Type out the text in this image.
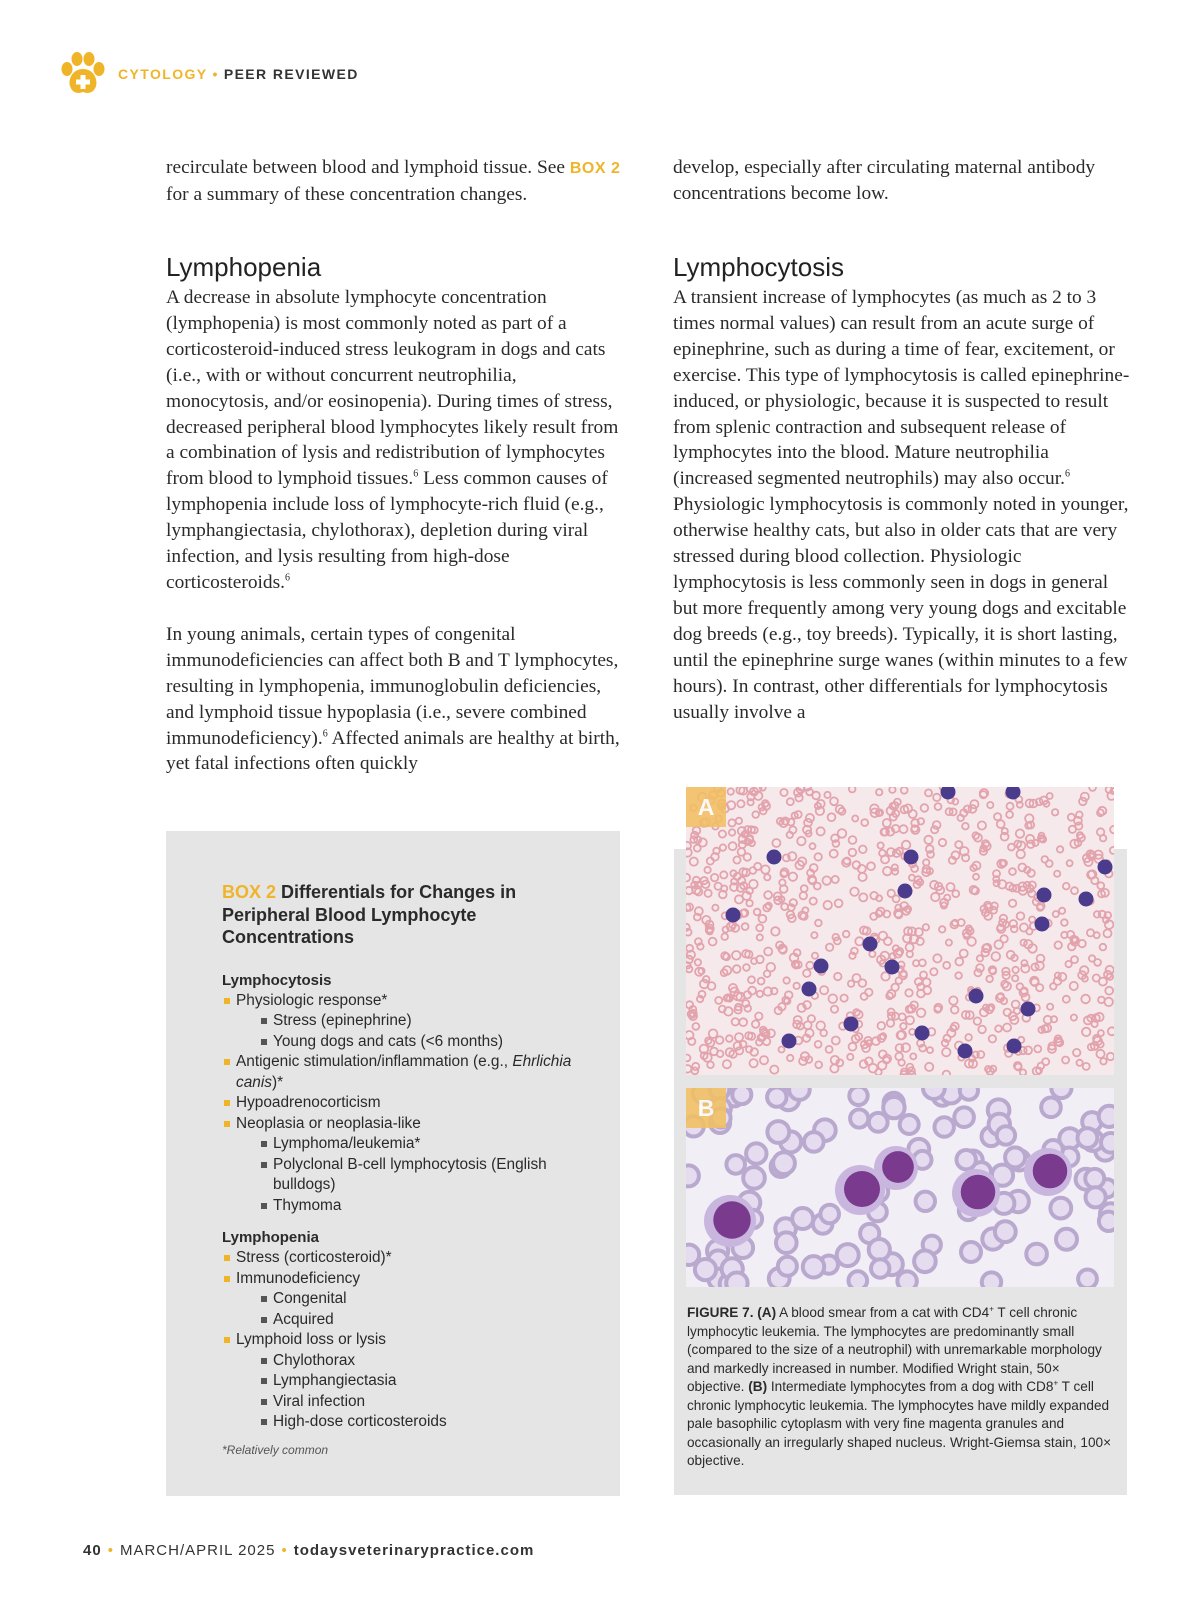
CYTOLOGY • PEER REVIEWED

recirculate between blood and lymphoid tissue. See BOX 2 for a summary of these concentration changes.

Lymphopenia

A decrease in absolute lymphocyte concentration (lymphopenia) is most commonly noted as part of a corticosteroid-induced stress leukogram in dogs and cats (i.e., with or without concurrent neutrophilia, monocytosis, and/or eosinopenia). During times of stress, decreased peripheral blood lymphocytes likely result from a combination of lysis and redistribution of lymphocytes from blood to lymphoid tissues.$^6$ Less common causes of lymphopenia include loss of lymphocyte-rich fluid (e.g., lymphangiectasia, chylothorax), depletion during viral infection, and lysis resulting from high-dose corticosteroids.$^6$

In young animals, certain types of congenital immunodeficiencies can affect both B and T lymphocytes, resulting in lymphopenia, immunoglobulin deficiencies, and lymphoid tissue hypoplasia (i.e., severe combined immunodeficiency).$^6$ Affected animals are healthy at birth, yet fatal infections often quickly

develop, especially after circulating maternal antibody concentrations become low.

Lymphocytosis

A transient increase of lymphocytes (as much as 2 to 3 times normal values) can result from an acute surge of epinephrine, such as during a time of fear, excitement, or exercise. This type of lymphocytosis is called epinephrine-induced, or physiologic, because it is suspected to result from splenic contraction and subsequent release of lymphocytes into the blood. Mature neutrophilia (increased segmented neutrophils) may also occur.$^6$ Physiologic lymphocytosis is commonly noted in younger, otherwise healthy cats, but also in older cats that are very stressed during blood collection. Physiologic lymphocytosis is less commonly seen in dogs in general but more frequently among very young dogs and excitable dog breeds (e.g., toy breeds). Typically, it is short lasting, until the epinephrine surge wanes (within minutes to a few hours). In contrast, other differentials for lymphocytosis usually involve a

BOX 2 Differentials for Changes in Peripheral Blood Lymphocyte Concentrations
Lymphocytosis
Physiologic response*
Stress (epinephrine)
Young dogs and cats (<6 months)
Antigenic stimulation/inflammation (e.g., Ehrlichia canis)*
Hypoadrenocorticism
Neoplasia or neoplasia-like
Lymphoma/leukemia*
Polyclonal B-cell lymphocytosis (English bulldogs)
Thymoma
Lymphopenia
Stress (corticosteroid)*
Immunodeficiency
Congenital
Acquired
Lymphoid loss or lysis
Chylothorax
Lymphangiectasia
Viral infection
High-dose corticosteroids
*Relatively common
A
B
FIGURE 7. (A) A blood smear from a cat with CD4+ T cell chronic lymphocytic leukemia. The lymphocytes are predominantly small (compared to the size of a neutrophil) with unremarkable morphology and markedly increased in number. Modified Wright stain, 50× objective. (B) Intermediate lymphocytes from a dog with CD8+ T cell chronic lymphocytic leukemia. The lymphocytes have mildly expanded pale basophilic cytoplasm with very fine magenta granules and occasionally an irregularly shaped nucleus. Wright-Giemsa stain, 100× objective.
40 • MARCH/APRIL 2025 • todaysveterinarypractice.com
